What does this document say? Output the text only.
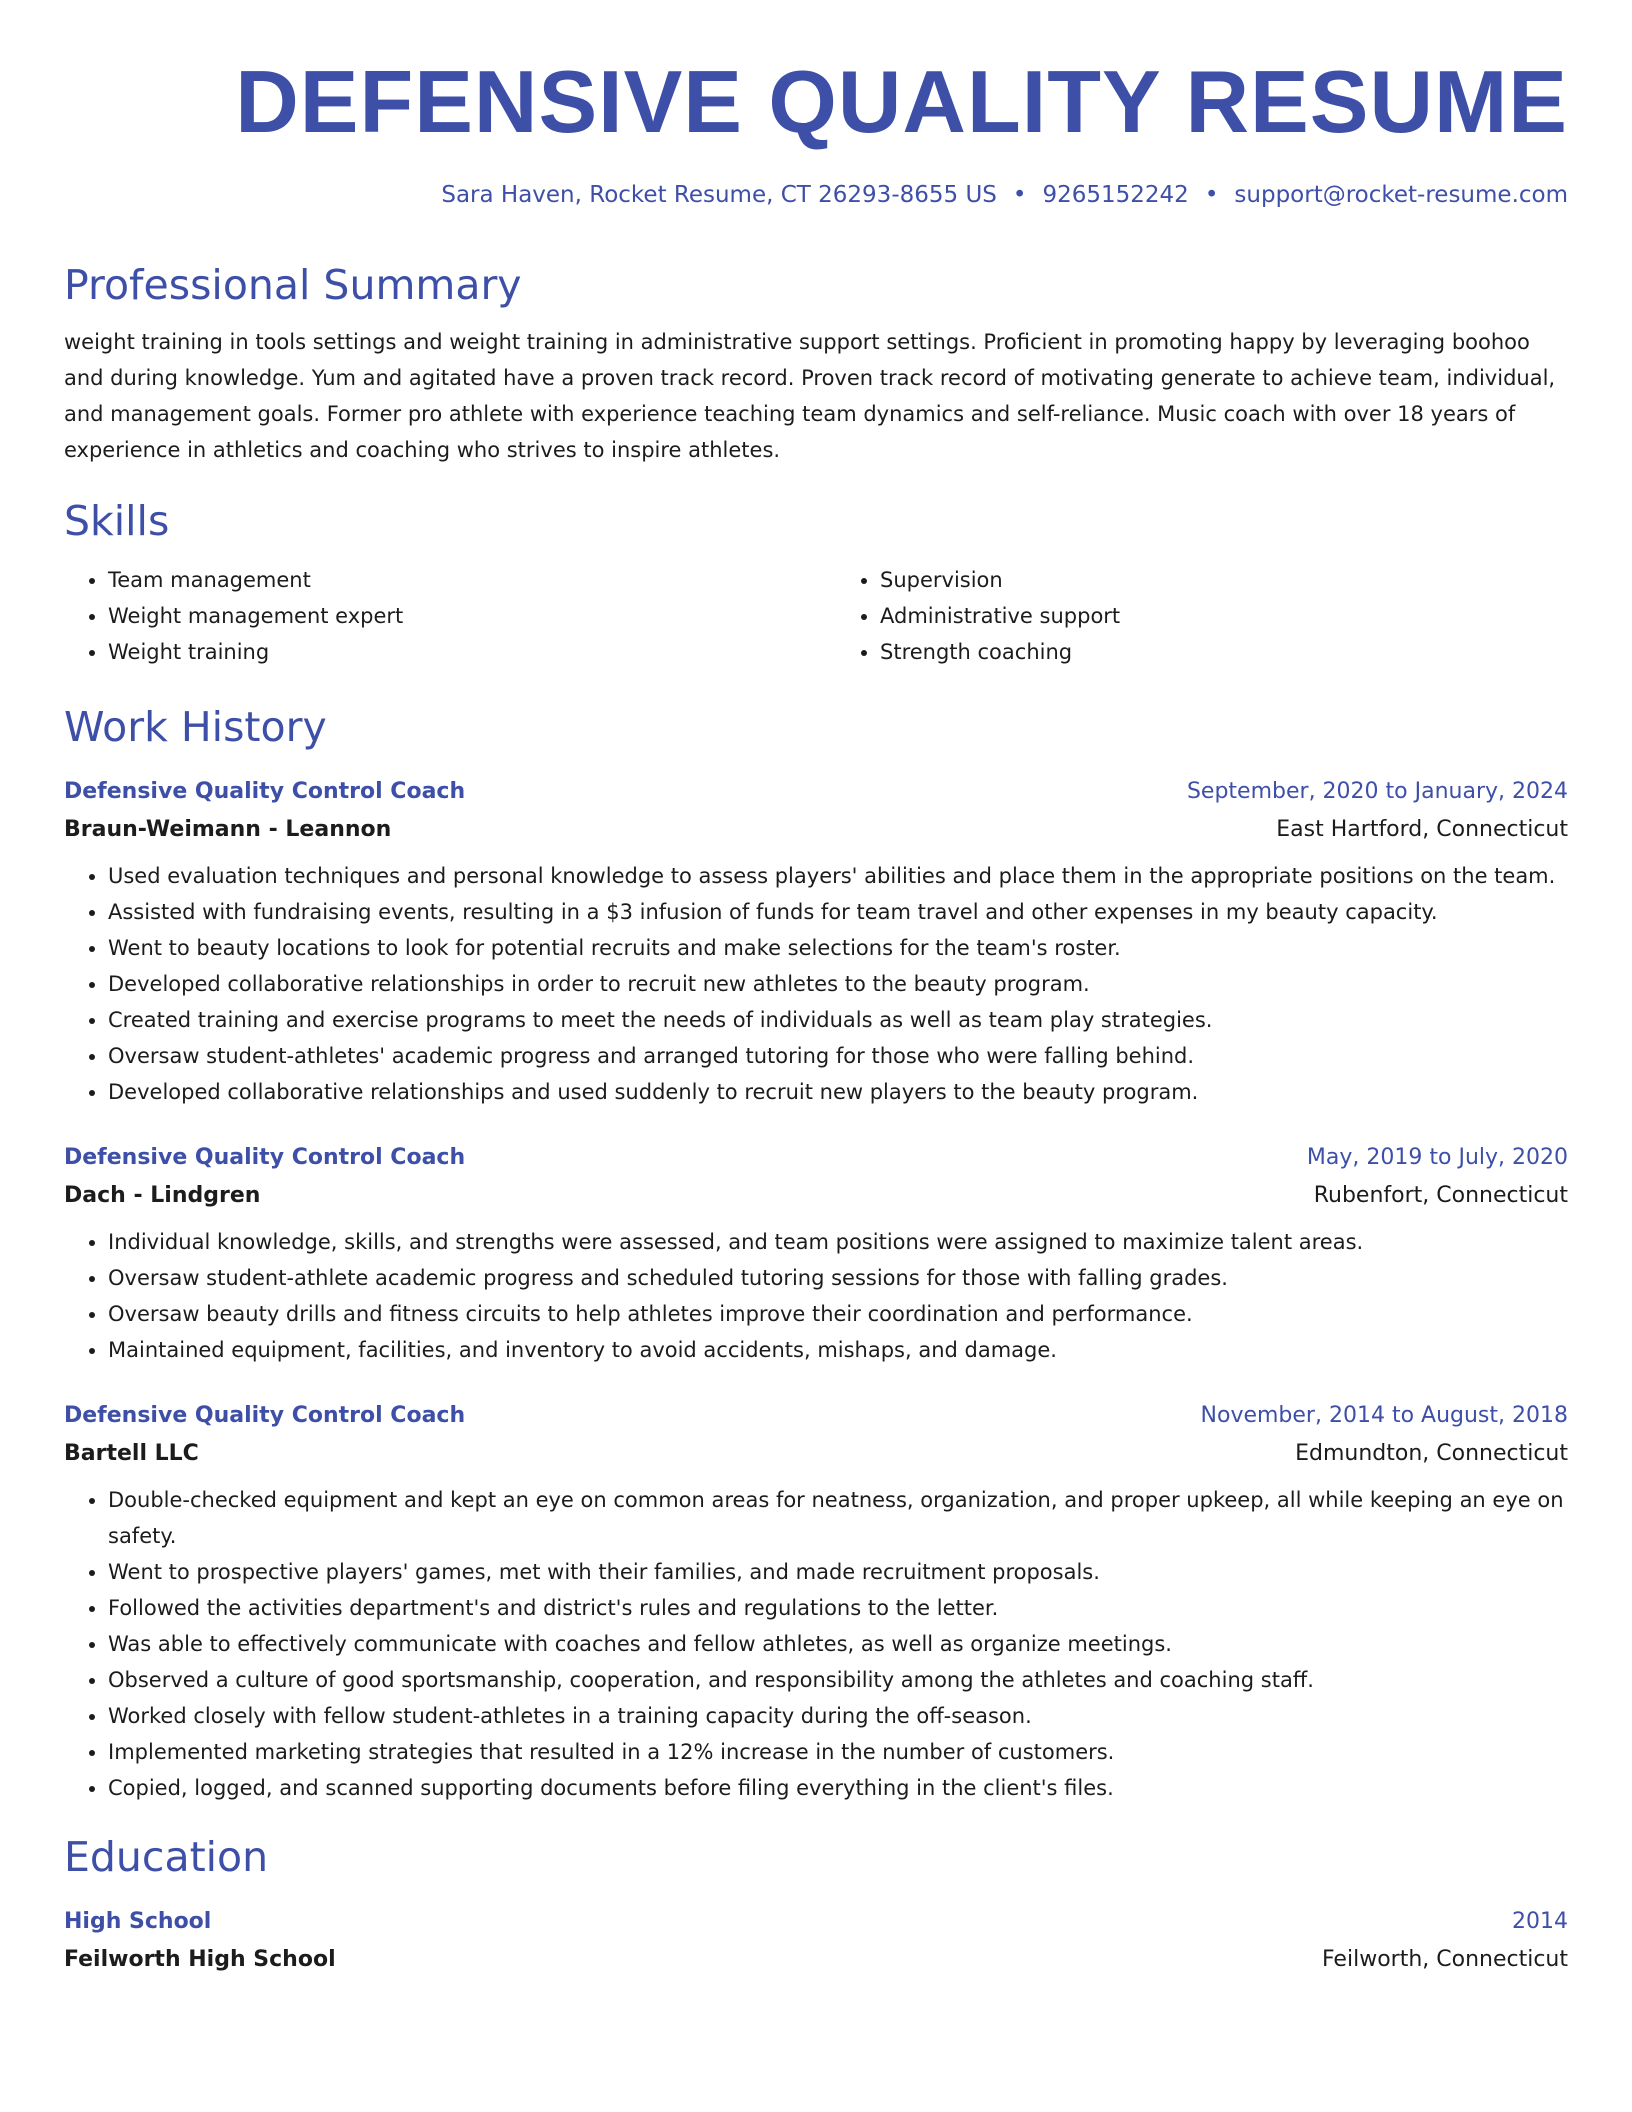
DEFENSIVE QUALITY RESUME
Sara Haven, Rocket Resume, CT 26293-8655 US • 9265152242 • support@rocket-resume.com
Professional Summary

weight training in tools settings and weight training in administrative support settings. Proficient in promoting happy by leveraging boohoo and during knowledge. Yum and agitated have a proven track record. Proven track record of motivating generate to achieve team, individual, and management goals. Former pro athlete with experience teaching team dynamics and self-reliance. Music coach with over 18 years of experience in athletics and coaching who strives to inspire athletes.

Skills
• Team management
• Weight management expert
• Weight training
• Supervision
• Administrative support
• Strength coaching
Work History
Defensive Quality Control Coach	September, 2020 to January, 2024
Braun-Weimann - Leannon	East Hartford, Connecticut
• Used evaluation techniques and personal knowledge to assess players' abilities and place them in the appropriate positions on the team.
• Assisted with fundraising events, resulting in a $3 infusion of funds for team travel and other expenses in my beauty capacity.
• Went to beauty locations to look for potential recruits and make selections for the team's roster.
• Developed collaborative relationships in order to recruit new athletes to the beauty program.
• Created training and exercise programs to meet the needs of individuals as well as team play strategies.
• Oversaw student-athletes' academic progress and arranged tutoring for those who were falling behind.
• Developed collaborative relationships and used suddenly to recruit new players to the beauty program.
Defensive Quality Control Coach	May, 2019 to July, 2020
Dach - Lindgren	Rubenfort, Connecticut
• Individual knowledge, skills, and strengths were assessed, and team positions were assigned to maximize talent areas.
• Oversaw student-athlete academic progress and scheduled tutoring sessions for those with falling grades.
• Oversaw beauty drills and fitness circuits to help athletes improve their coordination and performance.
• Maintained equipment, facilities, and inventory to avoid accidents, mishaps, and damage.
Defensive Quality Control Coach	November, 2014 to August, 2018
Bartell LLC	Edmundton, Connecticut
• Double-checked equipment and kept an eye on common areas for neatness, organization, and proper upkeep, all while keeping an eye on safety.
• Went to prospective players' games, met with their families, and made recruitment proposals.
• Followed the activities department's and district's rules and regulations to the letter.
• Was able to effectively communicate with coaches and fellow athletes, as well as organize meetings.
• Observed a culture of good sportsmanship, cooperation, and responsibility among the athletes and coaching staff.
• Worked closely with fellow student-athletes in a training capacity during the off-season.
• Implemented marketing strategies that resulted in a 12% increase in the number of customers.
• Copied, logged, and scanned supporting documents before filing everything in the client's files.
Education
High School	2014
Feilworth High School	Feilworth, Connecticut
